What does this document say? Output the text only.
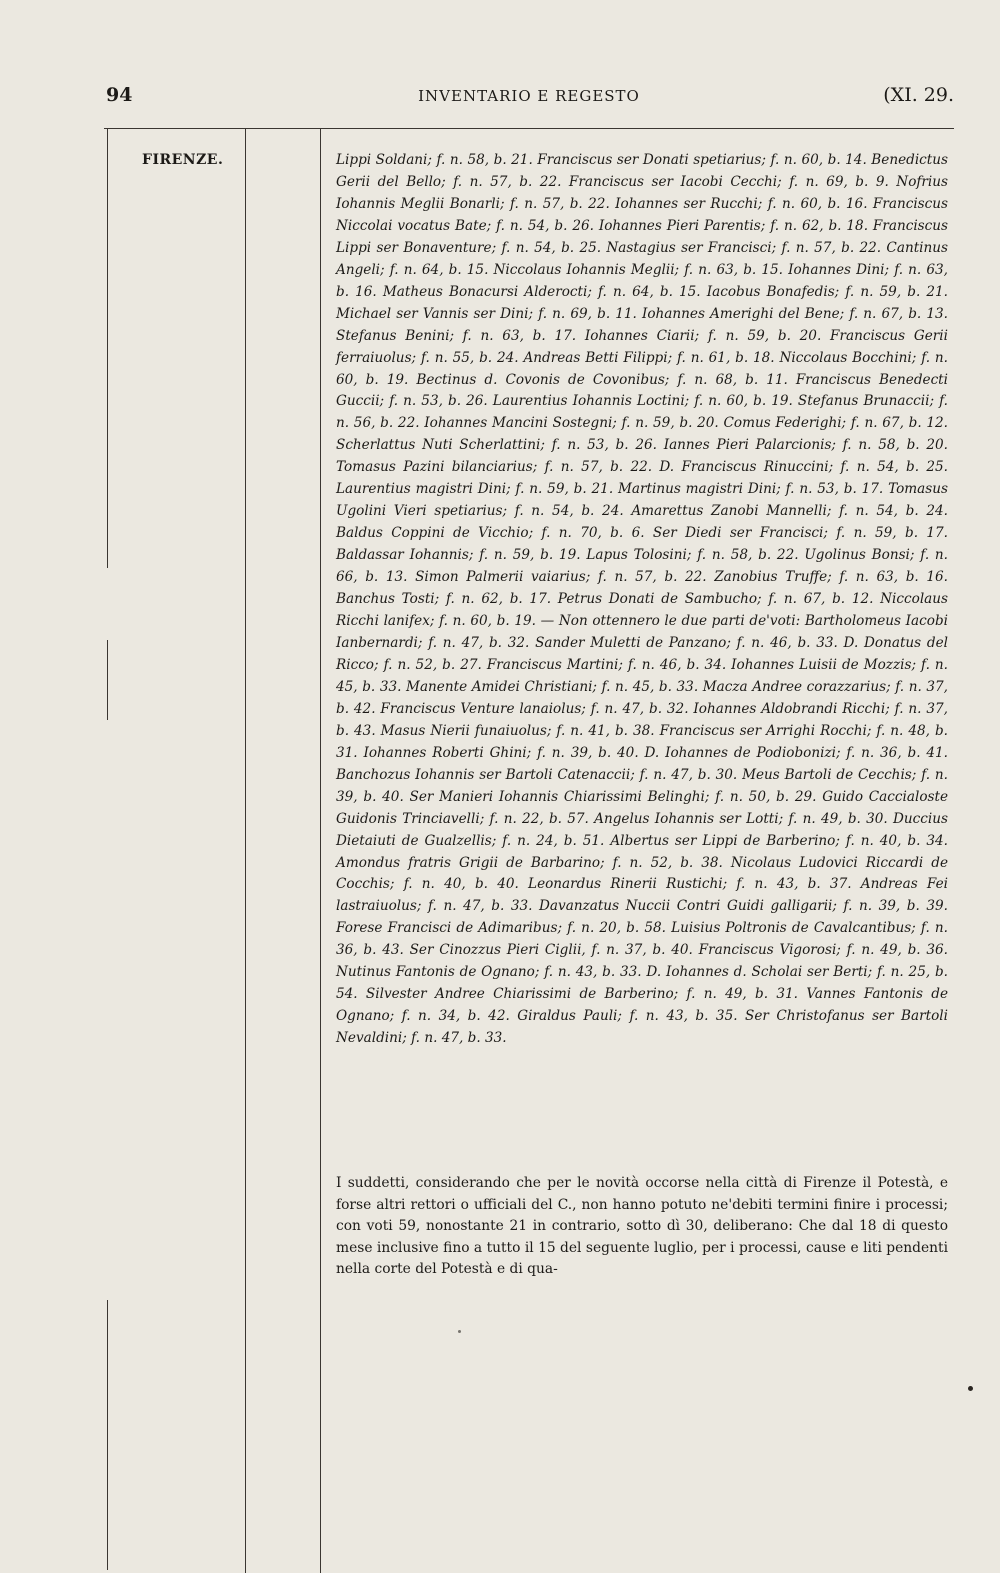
94	INVENTARIO E REGESTO	(XI. 29.
FIRENZE.	Lippi Soldani; f. n. 58, b. 21. Franciscus ser Donati spetiarius; f. n. 60, b. 14. Benedictus Gerii del Bello; f. n. 57, b. 22. Franciscus ser Iacobi Cecchi; f. n. 69, b. 9. Nofrius Iohannis Meglii Bonarli; f. n. 57, b. 22. Iohannes ser Rucchi; f. n. 60, b. 16. Franciscus Niccolai vocatus Bate; f. n. 54, b. 26. Iohannes Pieri Parentis; f. n. 62, b. 18. Franciscus Lippi ser Bonaventure; f. n. 54, b. 25. Nastagius ser Francisci; f. n. 57, b. 22. Cantinus Angeli; f. n. 64, b. 15. Niccolaus Iohannis Meglii; f. n. 63, b. 15. Iohannes Dini; f. n. 63, b. 16. Matheus Bonacursi Alderocti; f. n. 64, b. 15. Iacobus Bonafedis; f. n. 59, b. 21. Michael ser Vannis ser Dini; f. n. 69, b. 11. Iohannes Amerighi del Bene; f. n. 67, b. 13. Stefanus Benini; f. n. 63, b. 17. Iohannes Ciarii; f. n. 59, b. 20. Franciscus Gerii ferraiuolus; f. n. 55, b. 24. Andreas Betti Filippi; f. n. 61, b. 18. Niccolaus Bocchini; f. n. 60, b. 19. Bectinus d. Covonis de Covonibus; f. n. 68, b. 11. Franciscus Benedecti Guccii; f. n. 53, b. 26. Laurentius Iohannis Loctini; f. n. 60, b. 19. Stefanus Brunaccii; f. n. 56, b. 22. Iohannes Mancini Sostegni; f. n. 59, b. 20. Comus Federighi; f. n. 67, b. 12. Scherlattus Nuti Scherlattini; f. n. 53, b. 26. Iannes Pieri Palarcionis; f. n. 58, b. 20. Tomasus Pazini bilanciarius; f. n. 57, b. 22. D. Franciscus Rinuccini; f. n. 54, b. 25. Laurentius magistri Dini; f. n. 59, b. 21. Martinus magistri Dini; f. n. 53, b. 17. Tomasus Ugolini Vieri spetiarius; f. n. 54, b. 24. Amarettus Zanobi Mannelli; f. n. 54, b. 24. Baldus Coppini de Vicchio; f. n. 70, b. 6. Ser Diedi ser Francisci; f. n. 59, b. 17. Baldassar Iohannis; f. n. 59, b. 19. Lapus Tolosini; f. n. 58, b. 22. Ugolinus Bonsi; f. n. 66, b. 13. Simon Palmerii vaiarius; f. n. 57, b. 22. Zanobius Truffe; f. n. 63, b. 16. Banchus Tosti; f. n. 62, b. 17. Petrus Donati de Sambucho; f. n. 67, b. 12. Niccolaus Ricchi lanifex; f. n. 60, b. 19. — Non ottennero le due parti de'voti: Bartholomeus Iacobi Ianbernardi; f. n. 47, b. 32. Sander Muletti de Panzano; f. n. 46, b. 33. D. Donatus del Ricco; f. n. 52, b. 27. Franciscus Martini; f. n. 46, b. 34. Iohannes Luisii de Mozzis; f. n. 45, b. 33. Manente Amidei Christiani; f. n. 45, b. 33. Macza Andree corazzarius; f. n. 37, b. 42. Franciscus Venture lanaiolus; f. n. 47, b. 32. Iohannes Aldobrandi Ricchi; f. n. 37, b. 43. Masus Nierii funaiuolus; f. n. 41, b. 38. Franciscus ser Arrighi Rocchi; f. n. 48, b. 31. Iohannes Roberti Ghini; f. n. 39, b. 40. D. Iohannes de Podiobonizi; f. n. 36, b. 41. Banchozus Iohannis ser Bartoli Catenaccii; f. n. 47, b. 30. Meus Bartoli de Cecchis; f. n. 39, b. 40. Ser Manieri Iohannis Chiarissimi Belinghi; f. n. 50, b. 29. Guido Caccialoste Guidonis Trinciavelli; f. n. 22, b. 57. Angelus Iohannis ser Lotti; f. n. 49, b. 30. Duccius Dietaiuti de Gualzellis; f. n. 24, b. 51. Albertus ser Lippi de Barberino; f. n. 40, b. 34. Amondus fratris Grigii de Barbarino; f. n. 52, b. 38. Nicolaus Ludovici Riccardi de Cocchis; f. n. 40, b. 40. Leonardus Rinerii Rustichi; f. n. 43, b. 37. Andreas Fei lastraiuolus; f. n. 47, b. 33. Davanzatus Nuccii Contri Guidi galligarii; f. n. 39, b. 39. Forese Francisci de Adimaribus; f. n. 20, b. 58. Luisius Poltronis de Cavalcantibus; f. n. 36, b. 43. Ser Cinozzus Pieri Ciglii, f. n. 37, b. 40. Franciscus Vigorosi; f. n. 49, b. 36. Nutinus Fantonis de Ognano; f. n. 43, b. 33. D. Iohannes d. Scholai ser Berti; f. n. 25, b. 54. Silvester Andree Chiarissimi de Barberino; f. n. 49, b. 31. Vannes Fantonis de Ognano; f. n. 34, b. 42. Giraldus Pauli; f. n. 43, b. 35. Ser Christofanus ser Bartoli Nevaldini; f. n. 47, b. 33.

I suddetti, considerando che per le novità occorse nella città di Firenze il Potestà, e forse altri rettori o ufficiali del C., non hanno potuto ne'debiti termini finire i processi; con voti 59, nonostante 21 in contrario, sotto dì 30, deliberano: Che dal 18 di questo mese inclusive fino a tutto il 15 del seguente luglio, per i processi, cause e liti pendenti nella corte del Potestà e di qua-
